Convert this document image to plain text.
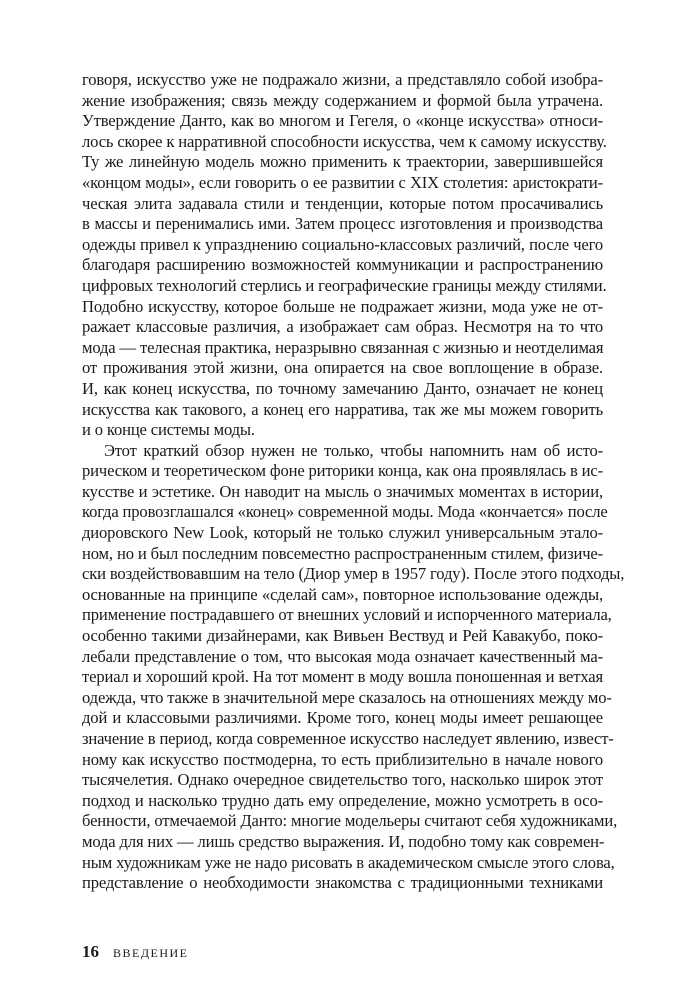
говоря, искусство уже не подражало жизни, а представляло собой изобра-
жение изображения; связь между содержанием и формой была утрачена.
Утверждение Данто, как во многом и Гегеля, о «конце искусства» относи-
лось скорее к нарративной способности искусства, чем к самому искусству.
Ту же линейную модель можно применить к траектории, завершившейся
«концом моды», если говорить о ее развитии с XIX столетия: аристократи-
ческая элита задавала стили и тенденции, которые потом просачивались
в массы и перенимались ими. Затем процесс изготовления и производства
одежды привел к упразднению социально-классовых различий, после чего
благодаря расширению возможностей коммуникации и распространению
цифровых технологий стерлись и географические границы между стилями.
Подобно искусству, которое больше не подражает жизни, мода уже не от-
ражает классовые различия, а изображает сам образ. Несмотря на то что
мода — телесная практика, неразрывно связанная с жизнью и неотделимая
от проживания этой жизни, она опирается на свое воплощение в образе.
И, как конец искусства, по точному замечанию Данто, означает не конец
искусства как такового, а конец его нарратива, так же мы можем говорить
и о конце системы моды.
Этот краткий обзор нужен не только, чтобы напомнить нам об исто-
рическом и теоретическом фоне риторики конца, как она проявлялась в ис-
кусстве и эстетике. Он наводит на мысль о значимых моментах в истории,
когда провозглашался «конец» современной моды. Мода «кончается» после
диоровского New Look, который не только служил универсальным этало-
ном, но и был последним повсеместно распространенным стилем, физиче-
ски воздействовавшим на тело (Диор умер в 1957 году). После этого подходы,
основанные на принципе «сделай сам», повторное использование одежды,
применение пострадавшего от внешних условий и испорченного материала,
особенно такими дизайнерами, как Вивьен Вествуд и Рей Кавакубо, поко-
лебали представление о том, что высокая мода означает качественный ма-
териал и хороший крой. На тот момент в моду вошла поношенная и ветхая
одежда, что также в значительной мере сказалось на отношениях между мо-
дой и классовыми различиями. Кроме того, конец моды имеет решающее
значение в период, когда современное искусство наследует явлению, извест-
ному как искусство постмодерна, то есть приблизительно в начале нового
тысячелетия. Однако очередное свидетельство того, насколько широк этот
подход и насколько трудно дать ему определение, можно усмотреть в осо-
бенности, отмечаемой Данто: многие модельеры считают себя художниками,
мода для них — лишь средство выражения. И, подобно тому как современ-
ным художникам уже не надо рисовать в академическом смысле этого слова,
представление о необходимости знакомства с традиционными техниками
16 ВВЕДЕНИЕ
